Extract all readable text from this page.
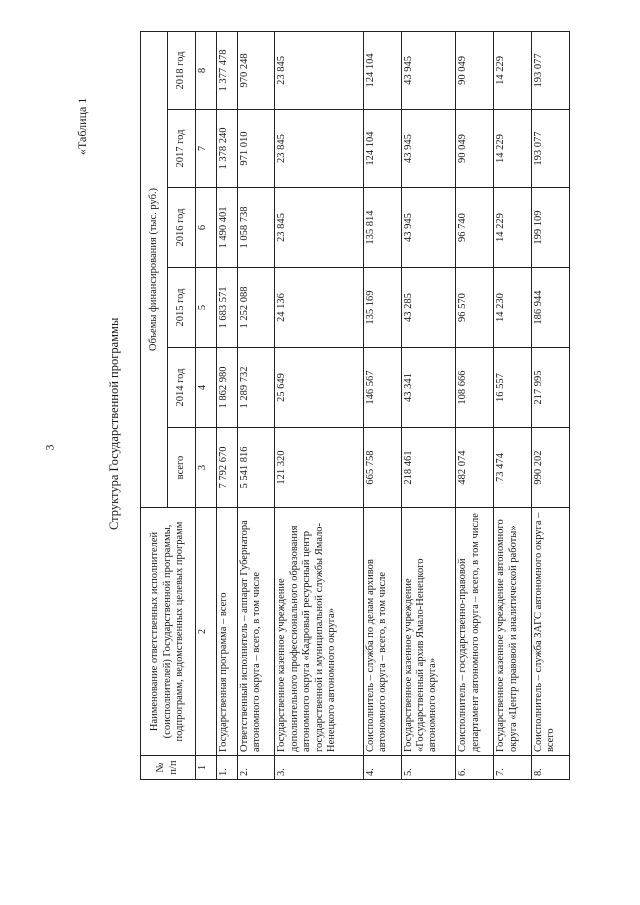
3
«Таблица 1
Структура Государственной программы
№ п/п	Наименование ответственных исполнителей (соисполнителей) Государственной программы, подпрограмм, ведомственных целевых программ	Объемы финансирования (тыс. руб.)					
		всего	2014 год	2015 год	2016 год	2017 год	2018 год
1	2	3	4	5	6	7	8
1.	Государственная программа – всего	7 792 670	1 862 980	1 683 571	1 490 401	1 378 240	1 377 478
2.	Ответственный исполнитель – аппарат Губернатора автономного округа – всего, в том числе	5 541 816	1 289 732	1 252 088	1 058 738	971 010	970 248
3.	Государственное казенное учреждение дополнительного профессионального образования автономного округа «Кадровый ресурсный центр государственной и муниципальной службы Ямало-Ненецкого автономного округа»	121 320	25 649	24 136	23 845	23 845	23 845
4.	Соисполнитель – служба по делам архивов автономного округа – всего, в том числе	665 758	146 567	135 169	135 814	124 104	124 104
5.	Государственное казенное учреждение «Государственный архив Ямало-Ненецкого автономного округа»	218 461	43 341	43 285	43 945	43 945	43 945
6.	Соисполнитель – государственно-правовой департамент автономного округа – всего, в том числе	482 074	108 666	96 570	96 740	90 049	90 049
7.	Государственное казенное учреждение автономного округа «Центр правовой и аналитической работы»	73 474	16 557	14 230	14 229	14 229	14 229
8.	Соисполнитель – служба ЗАГС автономного округа – всего	990 202	217 995	186 944	199 109	193 077	193 077
